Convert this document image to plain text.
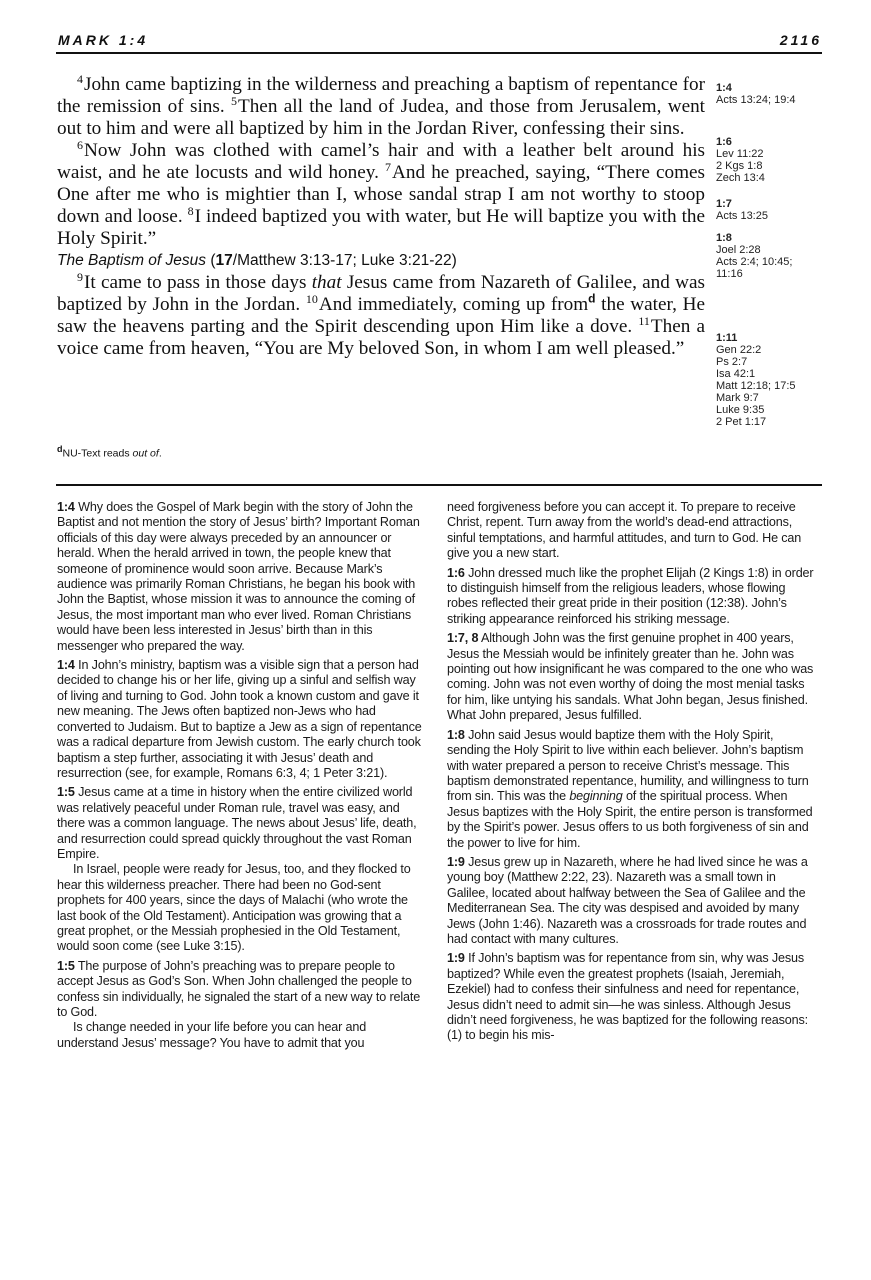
MARK 1:4	2116

$^4$John came baptizing in the wilderness and preaching a baptism of repentance for the remission of sins. $^5$Then all the land of Judea, and those from Jerusalem, went out to him and were all baptized by him in the Jordan River, confessing their sins.

$^6$Now John was clothed with camel’s hair and with a leather belt around his waist, and he ate locusts and wild honey. $^7$And he preached, saying, “There comes One after me who is mightier than I, whose sandal strap I am not worthy to stoop down and loose. $^8$I indeed baptized you with water, but He will baptize you with the Holy Spirit.”

The Baptism of Jesus (17/Matthew 3:13-17; Luke 3:21-22)

$^9$It came to pass in those days that Jesus came from Nazareth of Galilee, and was baptized by John in the Jordan. $^{10}$And immediately, coming up from$^d$ the water, He saw the heavens parting and the Spirit descending upon Him like a dove. $^{11}$Then a voice came from heaven, “You are My beloved Son, in whom I am well pleased.”

dNU-Text reads out of.
1:4
Acts 13:24; 19:4
1:6
Lev 11:22
2 Kgs 1:8
Zech 13:4
1:7
Acts 13:25
1:8
Joel 2:28
Acts 2:4; 10:45;
11:16
1:11
Gen 22:2
Ps 2:7
Isa 42:1
Matt 12:18; 17:5
Mark 9:7
Luke 9:35
2 Pet 1:17

1:4 Why does the Gospel of Mark begin with the story of John the Baptist and not mention the story of Jesus’ birth? Important Roman officials of this day were always preceded by an announcer or herald. When the herald arrived in town, the people knew that someone of prominence would soon arrive. Because Mark’s audience was primarily Roman Christians, he began his book with John the Baptist, whose mission it was to announce the coming of Jesus, the most important man who ever lived. Roman Christians would have been less interested in Jesus’ birth than in this messenger who prepared the way.

1:4 In John’s ministry, baptism was a visible sign that a person had decided to change his or her life, giving up a sinful and selfish way of living and turning to God. John took a known custom and gave it new meaning. The Jews often baptized non-Jews who had converted to Judaism. But to baptize a Jew as a sign of repentance was a radical departure from Jewish custom. The early church took baptism a step further, associating it with Jesus’ death and resurrection (see, for example, Romans 6:3, 4; 1 Peter 3:21).

1:5 Jesus came at a time in history when the entire civilized world was relatively peaceful under Roman rule, travel was easy, and there was a common language. The news about Jesus’ life, death, and resurrection could spread quickly throughout the vast Roman Empire.

In Israel, people were ready for Jesus, too, and they flocked to hear this wilderness preacher. There had been no God-sent prophets for 400 years, since the days of Malachi (who wrote the last book of the Old Testament). Anticipation was growing that a great prophet, or the Messiah prophesied in the Old Testament, would soon come (see Luke 3:15).

1:5 The purpose of John’s preaching was to prepare people to accept Jesus as God’s Son. When John challenged the people to confess sin individually, he signaled the start of a new way to relate to God.

Is change needed in your life before you can hear and understand Jesus’ message? You have to admit that you

need forgiveness before you can accept it. To prepare to receive Christ, repent. Turn away from the world’s dead-end attractions, sinful temptations, and harmful attitudes, and turn to God. He can give you a new start.

1:6 John dressed much like the prophet Elijah (2 Kings 1:8) in order to distinguish himself from the religious leaders, whose flowing robes reflected their great pride in their position (12:38). John’s striking appearance reinforced his striking message.

1:7, 8 Although John was the first genuine prophet in 400 years, Jesus the Messiah would be infinitely greater than he. John was pointing out how insignificant he was compared to the one who was coming. John was not even worthy of doing the most menial tasks for him, like untying his sandals. What John began, Jesus finished. What John prepared, Jesus fulfilled.

1:8 John said Jesus would baptize them with the Holy Spirit, sending the Holy Spirit to live within each believer. John’s baptism with water prepared a person to receive Christ’s message. This baptism demonstrated repentance, humility, and willingness to turn from sin. This was the beginning of the spiritual process. When Jesus baptizes with the Holy Spirit, the entire person is transformed by the Spirit’s power. Jesus offers to us both forgiveness of sin and the power to live for him.

1:9 Jesus grew up in Nazareth, where he had lived since he was a young boy (Matthew 2:22, 23). Nazareth was a small town in Galilee, located about halfway between the Sea of Galilee and the Mediterranean Sea. The city was despised and avoided by many Jews (John 1:46). Nazareth was a crossroads for trade routes and had contact with many cultures.

1:9 If John’s baptism was for repentance from sin, why was Jesus baptized? While even the greatest prophets (Isaiah, Jeremiah, Ezekiel) had to confess their sinfulness and need for repentance, Jesus didn’t need to admit sin—he was sinless. Although Jesus didn’t need forgiveness, he was baptized for the following reasons: (1) to begin his mis-
